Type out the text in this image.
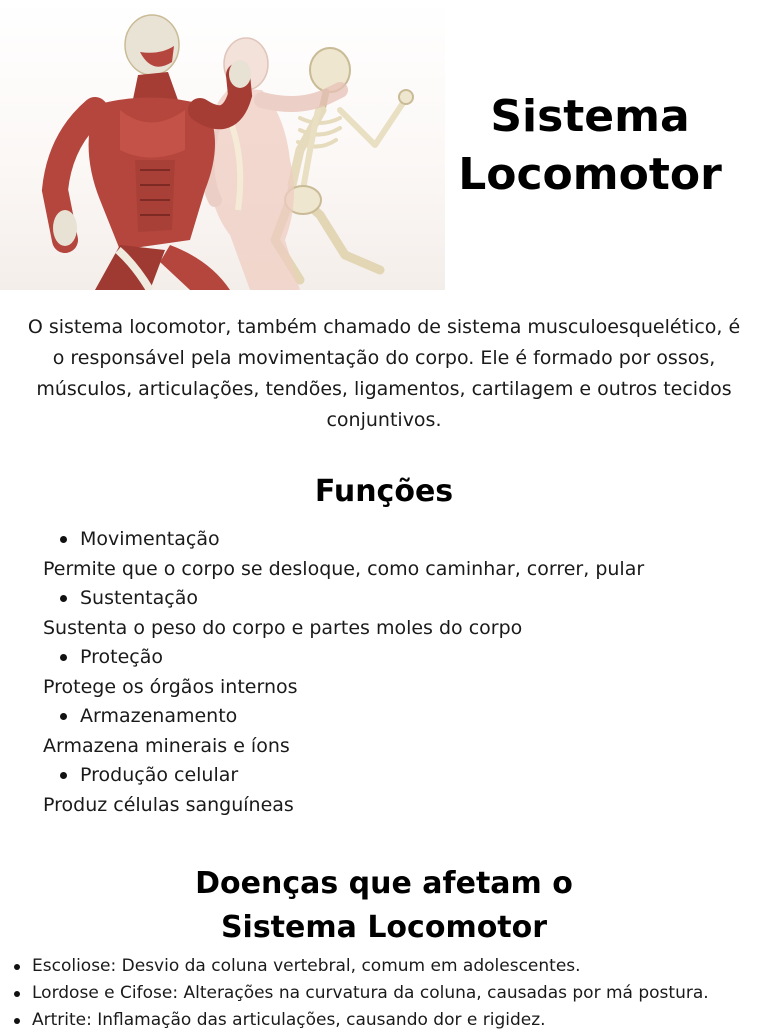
Sistema
Locomotor
O sistema locomotor, também chamado de sistema musculoesquelético, é
o responsável pela movimentação do corpo. Ele é formado por ossos,
músculos, articulações, tendões, ligamentos, cartilagem e outros tecidos
conjuntivos.
Funções
Movimentação
Permite que o corpo se desloque, como caminhar, correr, pular
Sustentação
Sustenta o peso do corpo e partes moles do corpo
Proteção
Protege os órgãos internos
Armazenamento
Armazena minerais e íons
Produção celular
Produz células sanguíneas
Doenças que afetam o
Sistema Locomotor
Escoliose: Desvio da coluna vertebral, comum em adolescentes.
Lordose e Cifose: Alterações na curvatura da coluna, causadas por má postura.
Artrite: Inflamação das articulações, causando dor e rigidez.
